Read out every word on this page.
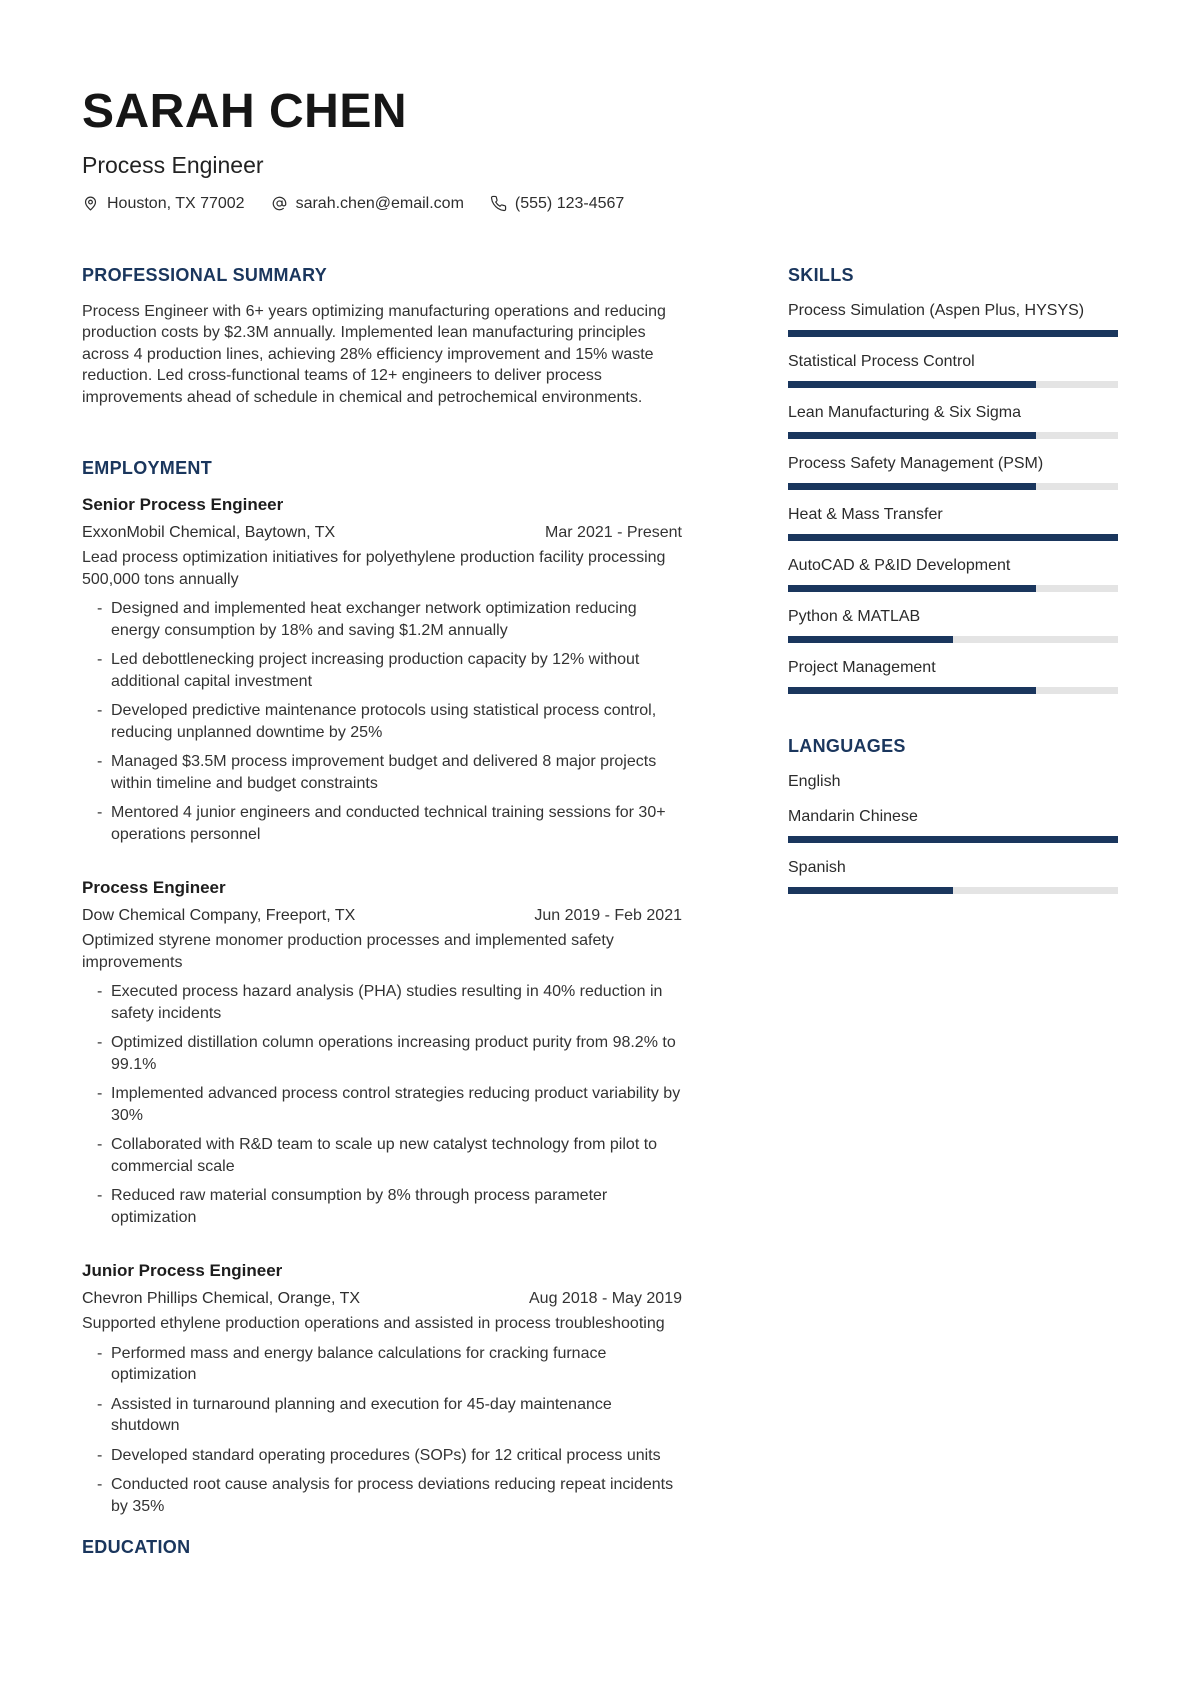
SARAH CHEN
Process Engineer
Houston, TX 77002	sarah.chen@email.com	(555) 123-4567
PROFESSIONAL SUMMARY
Process Engineer with 6+ years optimizing manufacturing operations and reducing production costs by $2.3M annually. Implemented lean manufacturing principles across 4 production lines, achieving 28% efficiency improvement and 15% waste reduction. Led cross-functional teams of 12+ engineers to deliver process improvements ahead of schedule in chemical and petrochemical environments.
EMPLOYMENT
Senior Process Engineer
ExxonMobil Chemical, Baytown, TX	Mar 2021 - Present
Lead process optimization initiatives for polyethylene production facility processing 500,000 tons annually
- Designed and implemented heat exchanger network optimization reducing energy consumption by 18% and saving $1.2M annually
- Led debottlenecking project increasing production capacity by 12% without additional capital investment
- Developed predictive maintenance protocols using statistical process control, reducing unplanned downtime by 25%
- Managed $3.5M process improvement budget and delivered 8 major projects within timeline and budget constraints
- Mentored 4 junior engineers and conducted technical training sessions for 30+ operations personnel
Process Engineer
Dow Chemical Company, Freeport, TX	Jun 2019 - Feb 2021
Optimized styrene monomer production processes and implemented safety improvements
- Executed process hazard analysis (PHA) studies resulting in 40% reduction in safety incidents
- Optimized distillation column operations increasing product purity from 98.2% to 99.1%
- Implemented advanced process control strategies reducing product variability by 30%
- Collaborated with R&D team to scale up new catalyst technology from pilot to commercial scale
- Reduced raw material consumption by 8% through process parameter optimization
Junior Process Engineer
Chevron Phillips Chemical, Orange, TX	Aug 2018 - May 2019
Supported ethylene production operations and assisted in process troubleshooting
- Performed mass and energy balance calculations for cracking furnace optimization
- Assisted in turnaround planning and execution for 45-day maintenance shutdown
- Developed standard operating procedures (SOPs) for 12 critical process units
- Conducted root cause analysis for process deviations reducing repeat incidents by 35%
EDUCATION
SKILLS
Process Simulation (Aspen Plus, HYSYS)
Statistical Process Control
Lean Manufacturing & Six Sigma
Process Safety Management (PSM)
Heat & Mass Transfer
AutoCAD & P&ID Development
Python & MATLAB
Project Management
LANGUAGES
English
Mandarin Chinese
Spanish
